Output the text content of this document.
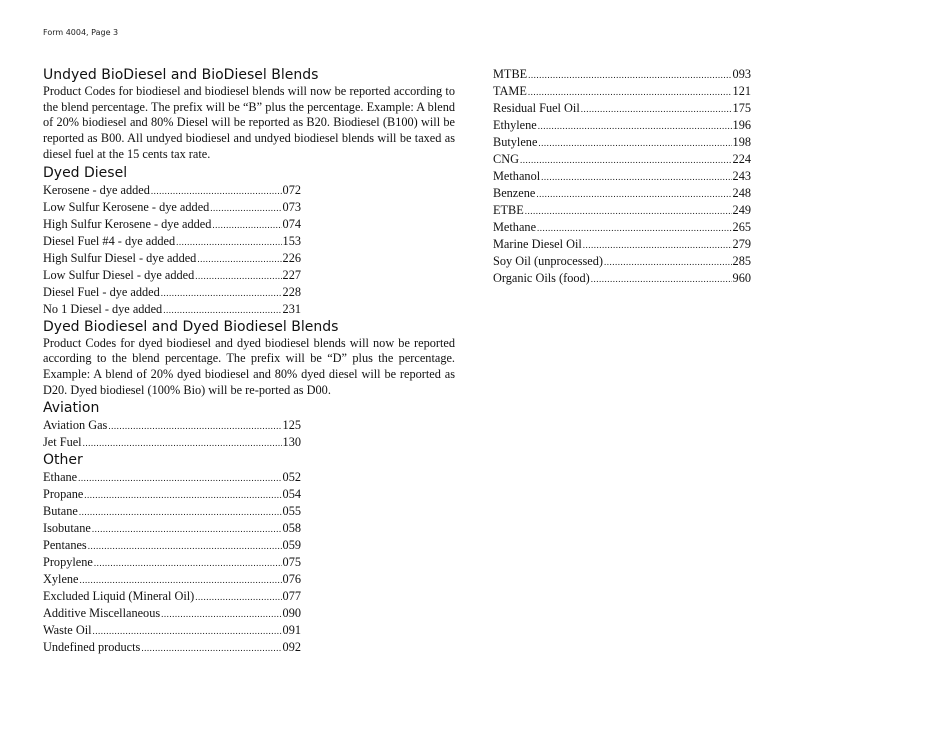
Form 4004, Page 3
Undyed BioDiesel and BioDiesel Blends

Product Codes for biodiesel and biodiesel blends will now be reported according to the blend percentage. The prefix will be “B” plus the percentage. Example: A blend of 20% biodiesel and 80% Diesel will be reported as B20. Biodiesel (B100) will be reported as B00. All undyed biodiesel and undyed biodiesel blends will be taxed as diesel fuel at the 15 cents tax rate.

Dyed Diesel
Kerosene - dye added .....	072
Low Sulfur Kerosene - dye added .....	073
High Sulfur Kerosene - dye added .....	074
Diesel Fuel #4 - dye added .....	153
High Sulfur Diesel - dye added .....	226
Low Sulfur Diesel - dye added .....	227
Diesel Fuel - dye added .....	228
No 1 Diesel - dye added .....	231
Dyed Biodiesel and Dyed Biodiesel Blends

Product Codes for dyed biodiesel and dyed biodiesel blends will now be reported according to the blend percentage. The prefix will be “D” plus the percentage. Example: A blend of 20% dyed biodiesel and 80% dyed diesel will be reported as D20. Dyed biodiesel (100% Bio) will be re-ported as D00.

Aviation
Aviation Gas .....	125
Jet Fuel .....	130
Other
Ethane .....	052
Propane .....	054
Butane .....	055
Isobutane .....	058
Pentanes .....	059
Propylene .....	075
Xylene .....	076
Excluded Liquid (Mineral Oil) .....	077
Additive Miscellaneous .....	090
Waste Oil .....	091
Undefined products .....	092
MTBE .....	093
TAME .....	121
Residual Fuel Oil .....	175
Ethylene .....	196
Butylene .....	198
CNG .....	224
Methanol .....	243
Benzene .....	248
ETBE .....	249
Methane .....	265
Marine Diesel Oil .....	279
Soy Oil (unprocessed) .....	285
Organic Oils (food) .....	960
